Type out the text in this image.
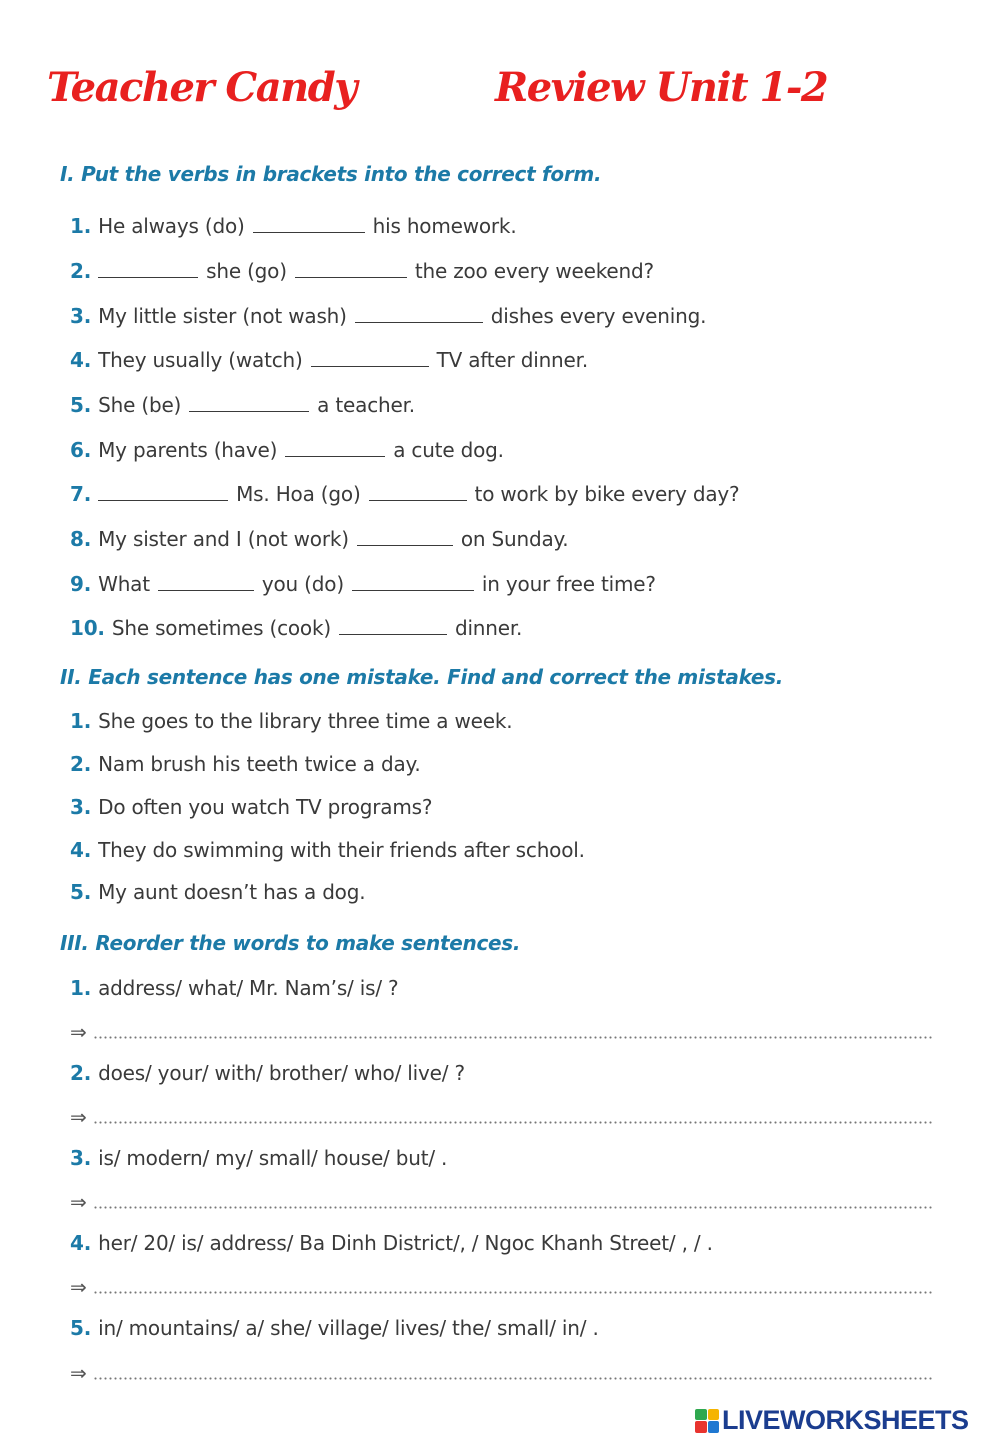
Teacher Candy	Review Unit 1-2
I. Put the verbs in brackets into the correct form.
1. He always (do)	his homework.
2.	she (go)	the zoo every weekend?
3. My little sister (not wash)	dishes every evening.
4. They usually (watch)	TV after dinner.
5. She (be)	a teacher.
6. My parents (have)	a cute dog.
7.	Ms. Hoa (go)	to work by bike every day?
8. My sister and I (not work)	on Sunday.
9. What	you (do)	in your free time?
10. She sometimes (cook)	dinner.
II. Each sentence has one mistake. Find and correct the mistakes.
1. She goes to the library three time a week.
2. Nam brush his teeth twice a day.
3. Do often you watch TV programs?
4. They do swimming with their friends after school.
5. My aunt doesn’t has a dog.
III. Reorder the words to make sentences.
1. address/ what/ Mr. Nam’s/ is/ ?
⇒
2. does/ your/ with/ brother/ who/ live/ ?
⇒
3. is/ modern/ my/ small/ house/ but/ .
⇒
4. her/ 20/ is/ address/ Ba Dinh District/, / Ngoc Khanh Street/ , / .
⇒
5. in/ mountains/ a/ she/ village/ lives/ the/ small/ in/ .
⇒
LIVEWORKSHEETS
